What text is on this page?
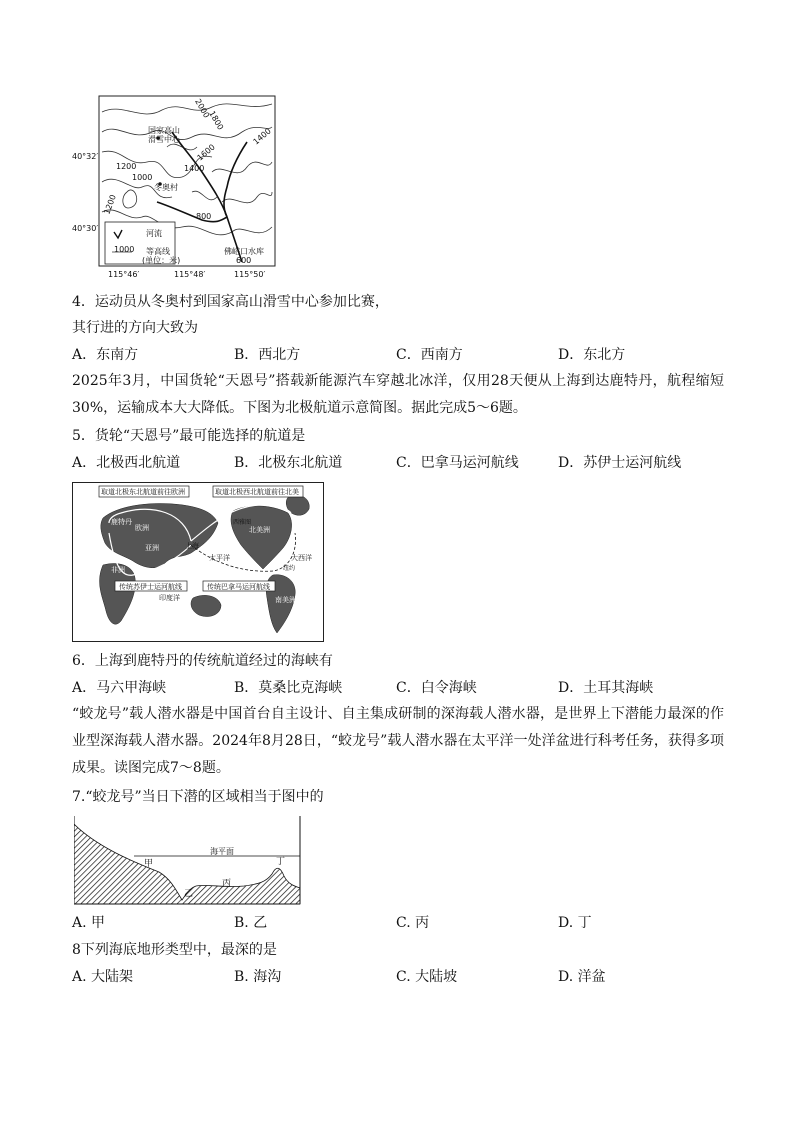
国家高山
滑雪中心
冬奥村
佛峪口水库
2000
1800
1600
1400
1400
1200
1200
1000
800
600
40°32′
40°30′
115°46′	115°48′	115°50′
河流
等高线
1000
(单位：米)
4．运动员从冬奥村到国家高山滑雪中心参加比赛，
其行进的方向大致为
A．东南方	B．西北方	C．西南方	D．东北方
2025年3月，中国货轮“天恩号”搭载新能源汽车穿越北冰洋，仅用28天便从上海到达鹿特丹，航程缩短30%，运输成本大大降低。下图为北极航道示意简图。据此完成5～6题。
5．货轮“天恩号”最可能选择的航道是
A．北极西北航道	B．北极东北航道	C．巴拿马运河航线	D．苏伊士运河航线
取道北极东北航道前往欧洲	取道北极西北航道前往北美
传统苏伊士运河航线	传统巴拿马运河航线
鹿特丹
欧洲
亚洲
非洲
上海
太平洋
北美洲
大西洋
南美洲
印度洋
西雅图
纽约
6．上海到鹿特丹的传统航道经过的海峡有
A．马六甲海峡	B．莫桑比克海峡	C．白令海峡	D．土耳其海峡
“蛟龙号”载人潜水器是中国首台自主设计、自主集成研制的深海载人潜水器，是世界上下潜能力最深的作业型深海载人潜水器。2024年8月28日，“蛟龙号”载人潜水器在太平洋一处洋盆进行科考任务，获得多项成果。读图完成7～8题。
7.“蛟龙号”当日下潜的区域相当于图中的
海平面
甲
乙
丙
丁
A. 甲	B. 乙	C. 丙	D. 丁
8下列海底地形类型中，最深的是
A. 大陆架	B. 海沟	C. 大陆坡	D. 洋盆
